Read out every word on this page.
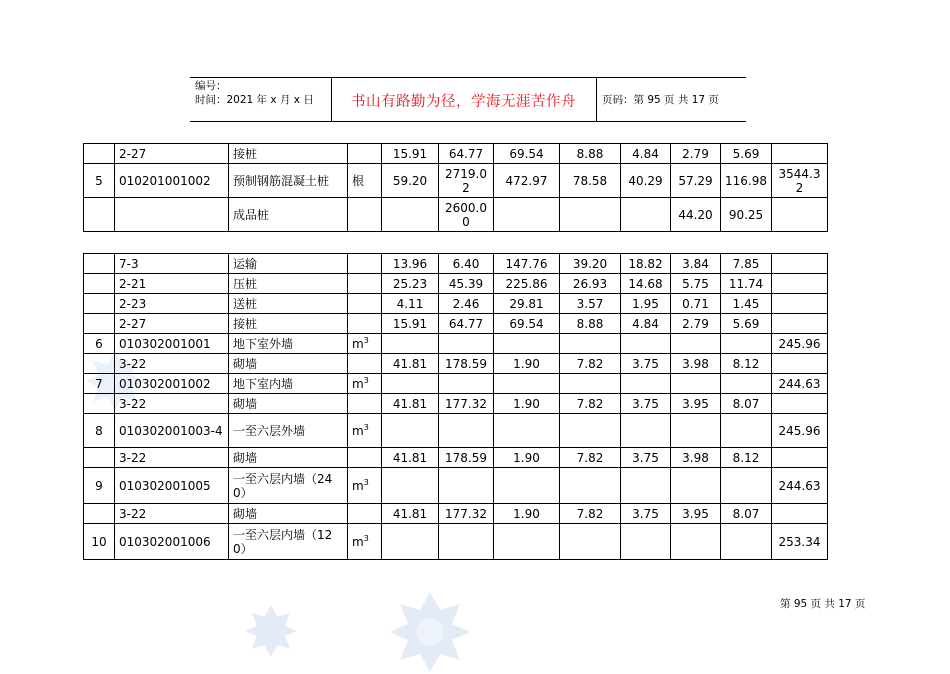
编号：
时间：2021 年 x 月 x 日	书山有路勤为径，学海无涯苦作舟	页码：第 95 页 共 17 页
	2-27	接桩		15.91	64.77	69.54	8.88	4.84	2.79	5.69	
5	010201001002	预制钢筋混凝土桩	根	59.20	2719.02	472.97	78.58	40.29	57.29	116.98	3544.32
		成品桩			2600.00				44.20	90.25	
	7-3	运输		13.96	6.40	147.76	39.20	18.82	3.84	7.85	
	2-21	压桩		25.23	45.39	225.86	26.93	14.68	5.75	11.74	
	2-23	送桩		4.11	2.46	29.81	3.57	1.95	0.71	1.45	
	2-27	接桩		15.91	64.77	69.54	8.88	4.84	2.79	5.69	
6	010302001001	地下室外墙	$m^3$								245.96
	3-22	砌墙		41.81	178.59	1.90	7.82	3.75	3.98	8.12	
7	010302001002	地下室内墙	$m^3$								244.63
	3-22	砌墙		41.81	177.32	1.90	7.82	3.75	3.95	8.07	
8	010302001003-4	一至六层外墙	$m^3$								245.96
	3-22	砌墙		41.81	178.59	1.90	7.82	3.75	3.98	8.12	
9	010302001005	一至六层内墙（240）	$m^3$								244.63
	3-22	砌墙		41.81	177.32	1.90	7.82	3.75	3.95	8.07	
10	010302001006	一至六层内墙（120）	$m^3$								253.34
第 95 页 共 17 页
